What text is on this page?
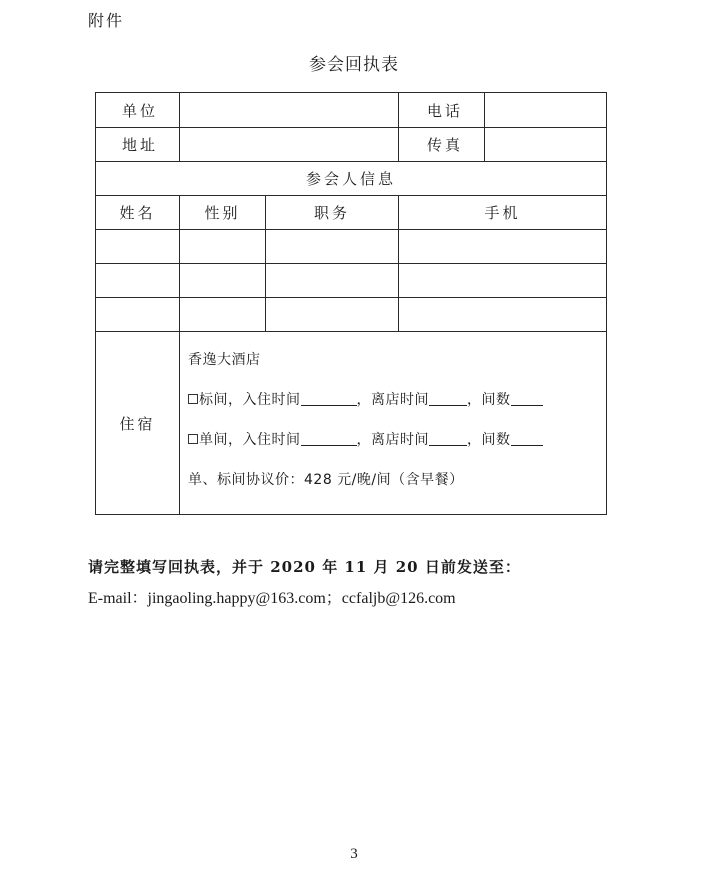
附件
参会回执表
单位			电话	
地址			传真	
参会人信息				
姓名	性别	职务	手机	

住宿	香逸大酒店
标间，入住时间 ，离店时间 ，间数
单间，入住时间 ，离店时间 ，间数
单、标间协议价：428 元/晚/间（含早餐）			
请完整填写回执表，并于 2020 年 11 月 20 日前发送至：
E-mail：jingaoling.happy@163.com；ccfaljb@126.com
3
